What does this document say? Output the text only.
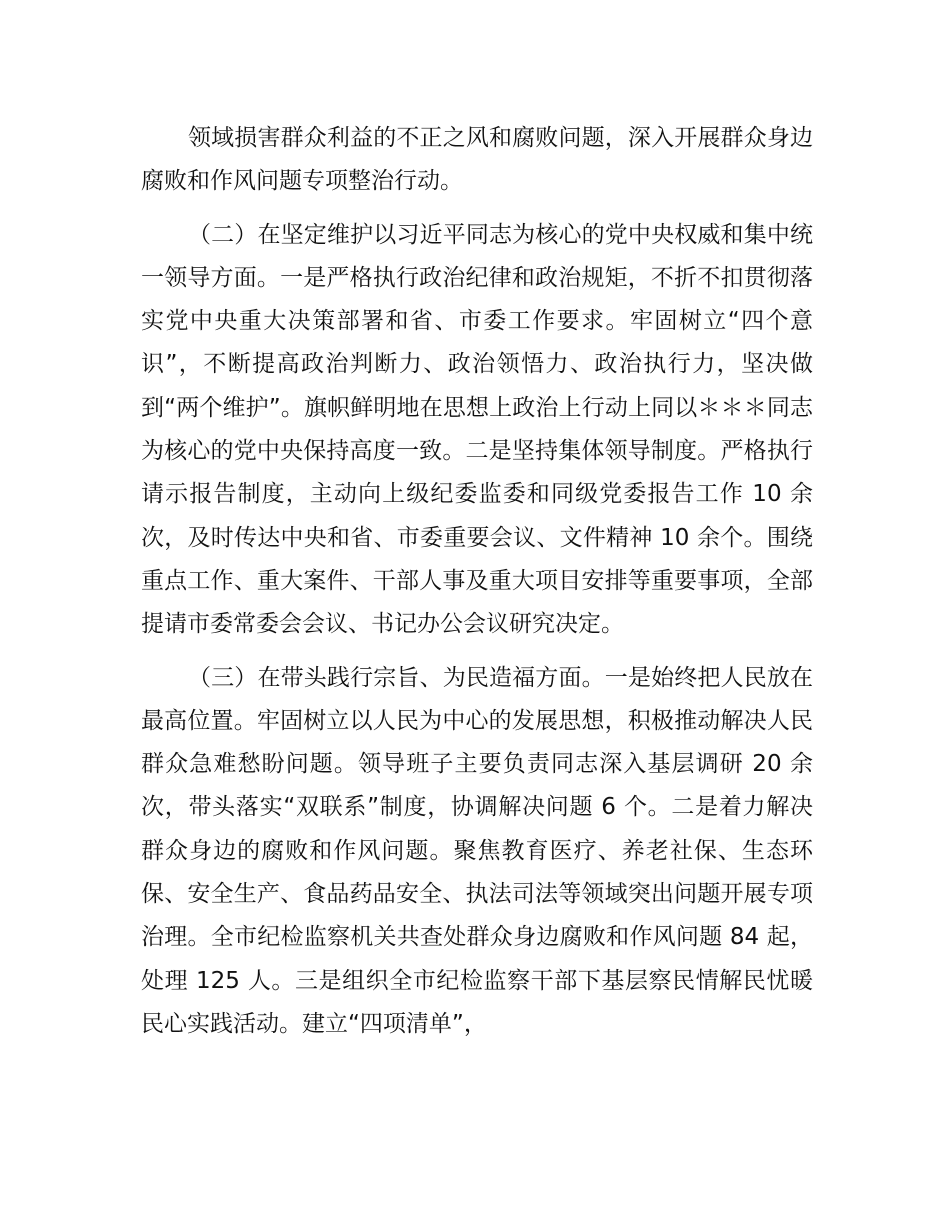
领域损害群众利益的不正之风和腐败问题，深入开展群众身边腐败和作风问题专项整治行动。

（二）在坚定维护以习近平同志为核心的党中央权威和集中统一领导方面。一是严格执行政治纪律和政治规矩，不折不扣贯彻落实党中央重大决策部署和省、市委工作要求。牢固树立“四个意识”，不断提高政治判断力、政治领悟力、政治执行力，坚决做到“两个维护”。旗帜鲜明地在思想上政治上行动上同以＊＊＊同志为核心的党中央保持高度一致。二是坚持集体领导制度。严格执行请示报告制度，主动向上级纪委监委和同级党委报告工作 10 余次，及时传达中央和省、市委重要会议、文件精神 10 余个。围绕重点工作、重大案件、干部人事及重大项目安排等重要事项，全部提请市委常委会会议、书记办公会议研究决定。

（三）在带头践行宗旨、为民造福方面。一是始终把人民放在最高位置。牢固树立以人民为中心的发展思想，积极推动解决人民群众急难愁盼问题。领导班子主要负责同志深入基层调研 20 余次，带头落实“双联系”制度，协调解决问题 6 个。二是着力解决群众身边的腐败和作风问题。聚焦教育医疗、养老社保、生态环保、安全生产、食品药品安全、执法司法等领域突出问题开展专项治理。全市纪检监察机关共查处群众身边腐败和作风问题 84 起，处理 125 人。三是组织全市纪检监察干部下基层察民情解民忧暖民心实践活动。建立“四项清单”，
